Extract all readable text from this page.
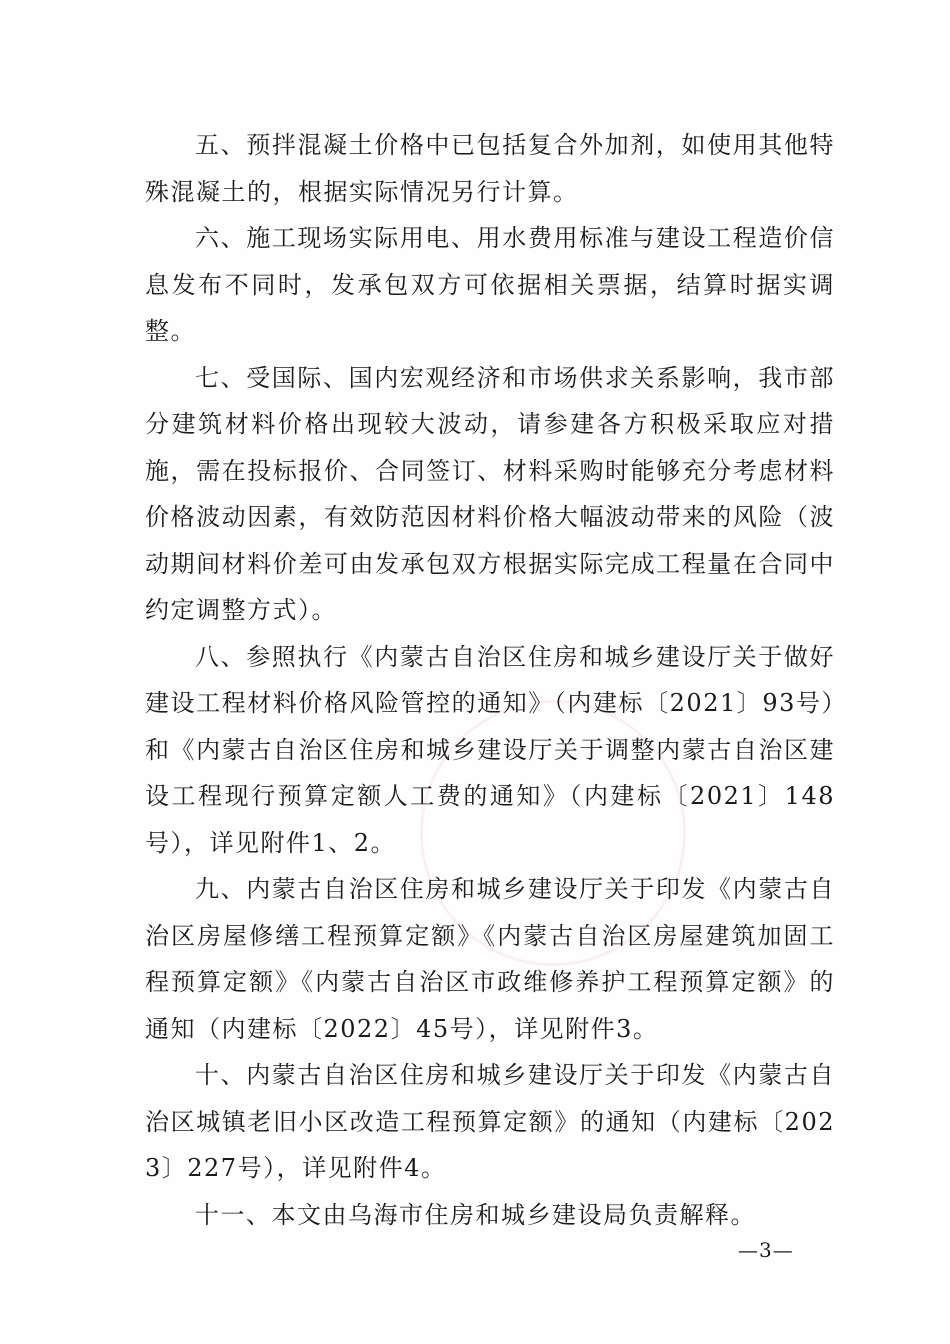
五、预拌混凝土价格中已包括复合外加剂，如使用其他特殊混凝土的，根据实际情况另行计算。

六、施工现场实际用电、用水费用标准与建设工程造价信息发布不同时，发承包双方可依据相关票据，结算时据实调整。

七、受国际、国内宏观经济和市场供求关系影响，我市部分建筑材料价格出现较大波动，请参建各方积极采取应对措施，需在投标报价、合同签订、材料采购时能够充分考虑材料价格波动因素，有效防范因材料价格大幅波动带来的风险（波动期间材料价差可由发承包双方根据实际完成工程量在合同中约定调整方式）。

八、参照执行《内蒙古自治区住房和城乡建设厅关于做好建设工程材料价格风险管控的通知》（内建标〔2021〕93号）和《内蒙古自治区住房和城乡建设厅关于调整内蒙古自治区建设工程现行预算定额人工费的通知》（内建标〔2021〕148号），详见附件1、2。

九、内蒙古自治区住房和城乡建设厅关于印发《内蒙古自治区房屋修缮工程预算定额》《内蒙古自治区房屋建筑加固工程预算定额》《内蒙古自治区市政维修养护工程预算定额》的通知（内建标〔2022〕45号），详见附件3。

十、内蒙古自治区住房和城乡建设厅关于印发《内蒙古自治区城镇老旧小区改造工程预算定额》的通知（内建标〔2023〕227号），详见附件4。

十一、本文由乌海市住房和城乡建设局负责解释。

—3—
